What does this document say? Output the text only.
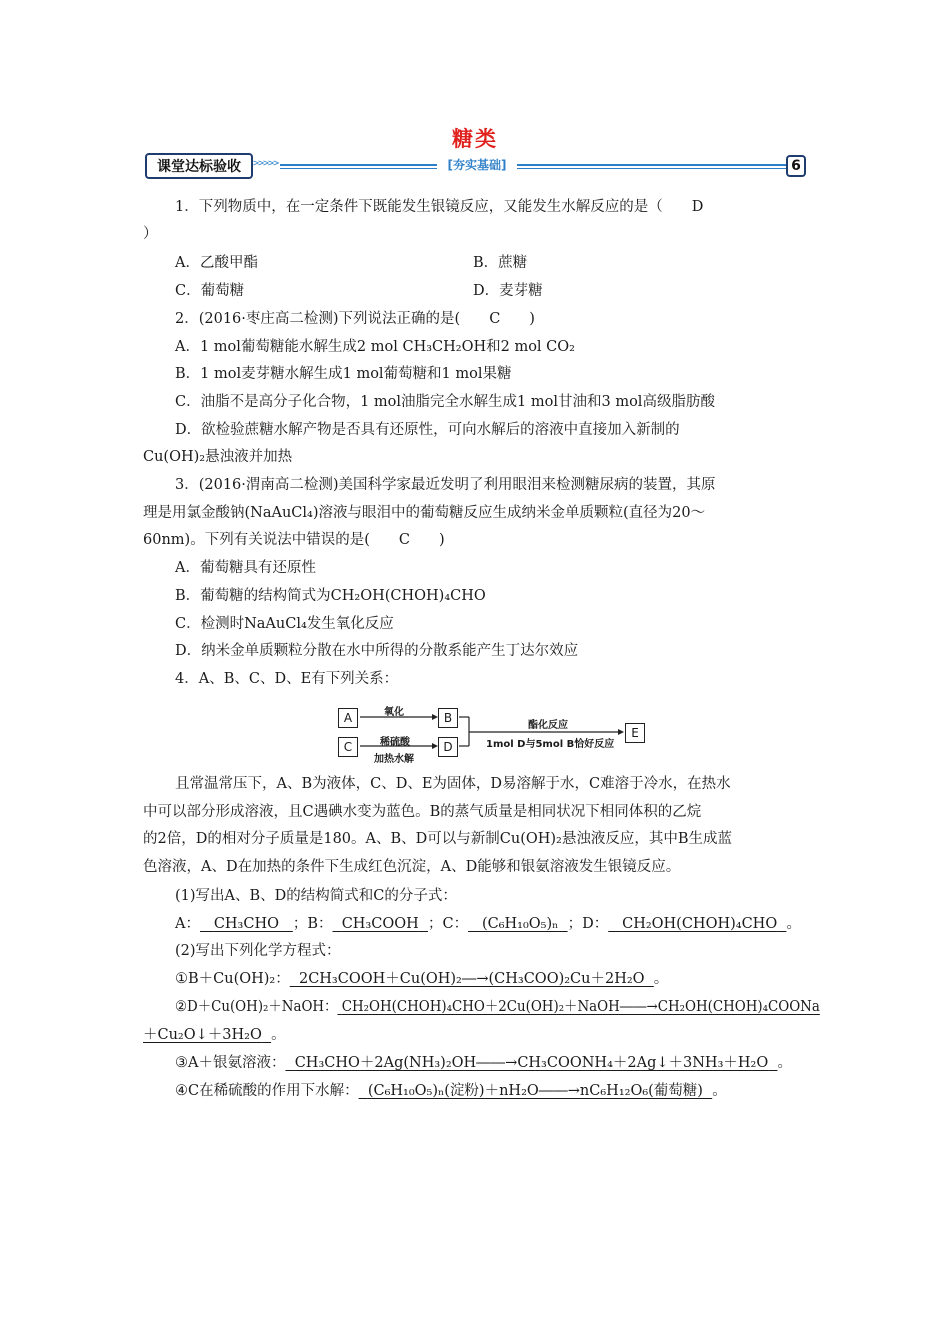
糖类
课堂达标验收	>>>>>	[夯实基础]	6
1．下列物质中，在一定条件下既能发生银镜反应，又能发生水解反应的是（　　D
）
A．乙酸甲酯	B．蔗糖
C．葡萄糖	D．麦芽糖
2．(2016·枣庄高二检测)下列说法正确的是(　　C　　)
A．1 mol葡萄糖能水解生成2 mol CH₃CH₂OH和2 mol CO₂
B．1 mol麦芽糖水解生成1 mol葡萄糖和1 mol果糖
C．油脂不是高分子化合物，1 mol油脂完全水解生成1 mol甘油和3 mol高级脂肪酸
D．欲检验蔗糖水解产物是否具有还原性，可向水解后的溶液中直接加入新制的
Cu(OH)₂悬浊液并加热
3．(2016·渭南高二检测)美国科学家最近发明了利用眼泪来检测糖尿病的装置，其原
理是用氯金酸钠(NaAuCl₄)溶液与眼泪中的葡萄糖反应生成纳米金单质颗粒(直径为20～
60nm)。下列有关说法中错误的是(　　C　　)
A．葡萄糖具有还原性
B．葡萄糖的结构简式为CH₂OH(CHOH)₄CHO
C．检测时NaAuCl₄发生氧化反应
D．纳米金单质颗粒分散在水中所得的分散系能产生丁达尔效应
4．A、B、C、D、E有下列关系：
A	B
C	D
E
氧化
稀硫酸
加热水解
酯化反应
1mol D与5mol B恰好反应
且常温常压下，A、B为液体，C、D、E为固体，D易溶解于水，C难溶于冷水，在热水
中可以部分形成溶液，且C遇碘水变为蓝色。B的蒸气质量是相同状况下相同体积的乙烷
的2倍，D的相对分子质量是180。A、B、D可以与新制Cu(OH)₂悬浊液反应，其中B生成蓝
色溶液，A、D在加热的条件下生成红色沉淀，A、D能够和银氨溶液发生银镜反应。
(1)写出A、B、D的结构简式和C的分子式：
A： CH₃CHO ；B： CH₃COOH ；C： (C₆H₁₀O₅)ₙ ；D： CH₂OH(CHOH)₄CHO 。
(2)写出下列化学方程式：
①B＋Cu(OH)₂： 2CH₃COOH＋Cu(OH)₂―→(CH₃COO)₂Cu＋2H₂O 。
②D＋Cu(OH)₂＋NaOH： CH₂OH(CHOH)₄CHO＋2Cu(OH)₂＋NaOH――→CH₂OH(CHOH)₄COONa
＋Cu₂O↓＋3H₂O 。
③A＋银氨溶液： CH₃CHO＋2Ag(NH₃)₂OH――→CH₃COONH₄＋2Ag↓＋3NH₃＋H₂O 。
④C在稀硫酸的作用下水解： (C₆H₁₀O₅)ₙ(淀粉)＋nH₂O――→nC₆H₁₂O₆(葡萄糖) 。
